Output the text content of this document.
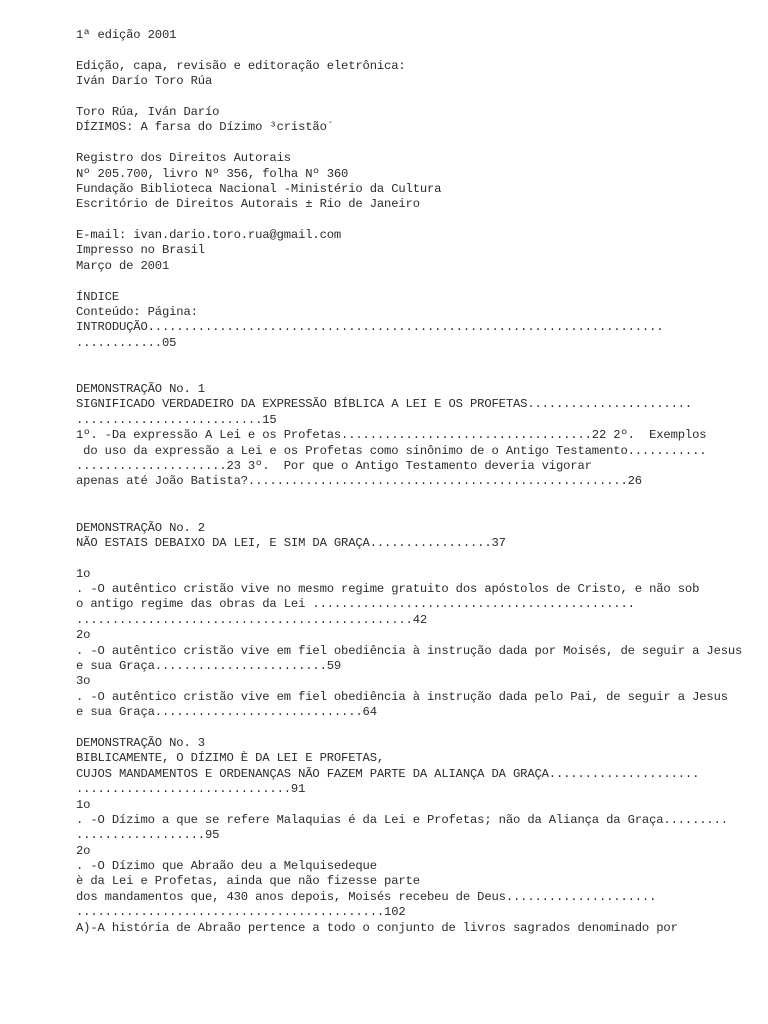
1ª edição 2001
Edição, capa, revisão e editoração eletrônica:
Iván Darío Toro Rúa
Toro Rúa, Iván Darío
DÍZIMOS: A farsa do Dízimo ³cristão´
Registro dos Direitos Autorais
Nº 205.700, livro Nº 356, folha Nº 360
Fundação Biblioteca Nacional -Ministério da Cultura
Escritório de Direitos Autorais ± Rio de Janeiro
E-mail: ivan.dario.toro.rua@gmail.com
Impresso no Brasil
Março de 2001
ÍNDICE
Conteúdo: Página:
INTRODUÇÃO........................................................................
............05
DEMONSTRAÇÃO No. 1
SIGNIFICADO VERDADEIRO DA EXPRESSÃO BÍBLICA A LEI E OS PROFETAS.......................
..........................15
1º. -Da expressão A Lei e os Profetas...................................22 2º.  Exemplos
do uso da expressão a Lei e os Profetas como sinônimo de o Antigo Testamento...........
.....................23 3º.  Por que o Antigo Testamento deveria vigorar
apenas até João Batista?.....................................................26
DEMONSTRAÇÃO No. 2
NÃO ESTAIS DEBAIXO DA LEI, E SIM DA GRAÇA.................37
1o
. -O autêntico cristão vive no mesmo regime gratuito dos apóstolos de Cristo, e não sob
o antigo regime das obras da Lei .............................................
...............................................42
2o
. -O autêntico cristão vive em fiel obediência à instrução dada por Moisés, de seguir a Jesus
e sua Graça........................59
3o
. -O autêntico cristão vive em fiel obediência à instrução dada pelo Pai, de seguir a Jesus
e sua Graça.............................64
DEMONSTRAÇÃO No. 3
BIBLICAMENTE, O DÍZIMO È DA LEI E PROFETAS,
CUJOS MANDAMENTOS E ORDENANÇAS NÃO FAZEM PARTE DA ALIANÇA DA GRAÇA.....................
..............................91
1o
. -O Dízimo a que se refere Malaquias é da Lei e Profetas; não da Aliança da Graça.........
..................95
2o
. -O Dízimo que Abraão deu a Melquisedeque
è da Lei e Profetas, ainda que não fizesse parte
dos mandamentos que, 430 anos depois, Moisés recebeu de Deus.....................
...........................................102
A)-A história de Abraão pertence a todo o conjunto de livros sagrados denominado por
